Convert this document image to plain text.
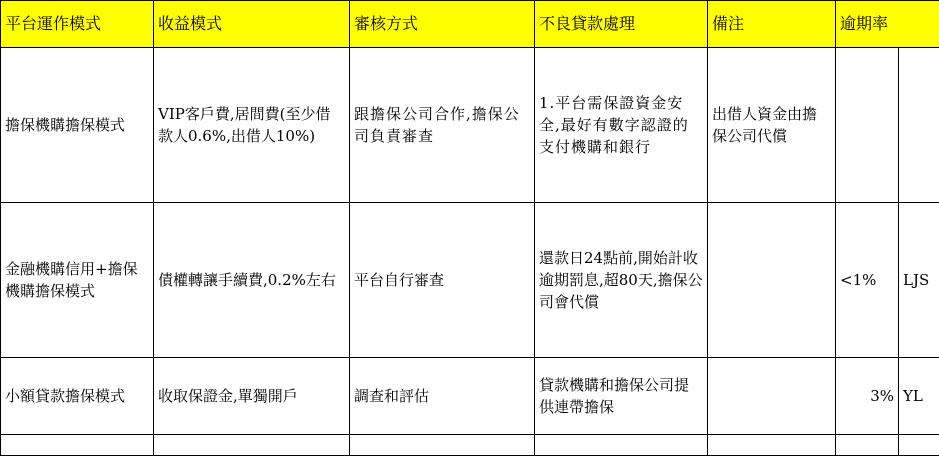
平台運作模式	收益模式	審核方式	不良貸款處理	備注	逾期率	
擔保機購擔保模式	VIP客戶費,居間費(至少借款人0.6%,出借人10%)	跟擔保公司合作,擔保公司負責審查	1.平台需保證資金安全,最好有數字認證的支付機購和銀行	出借人資金由擔保公司代償		
金融機購信用+擔保機購擔保模式	債權轉讓手續費,0.2%左右	平台自行審查	還款日24點前,開始計收逾期罰息,超80天,擔保公司會代償		<1%	LJS
小額貸款擔保模式	收取保證金,單獨開戶	調查和評估	貸款機購和擔保公司提供連帶擔保		3%	YL
